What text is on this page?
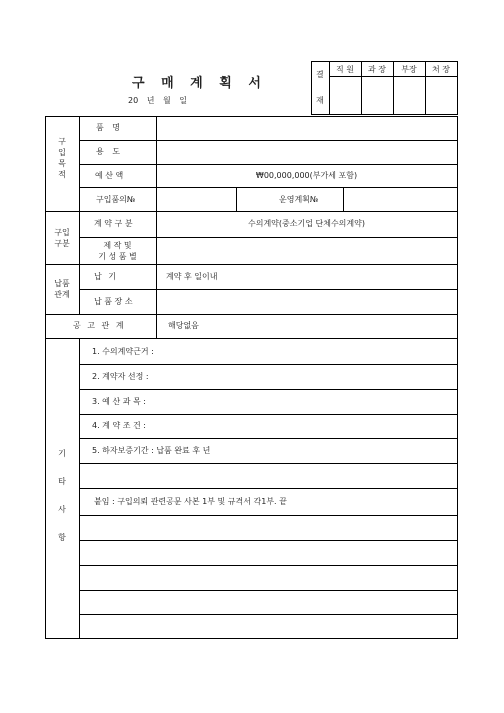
구 매 계 획 서
20 년 월 일
결
재
직 원	과 장	부장	처 장
구
입
목
적
품 명
용 도
예 산 액	₩00,000,000(부가세 포함)
구입품의№	운영계획№
구입
구분
계 약 구 분	수의계약(중소기업 단체수의계약)
제 작 및
기 성 품 별
납품
관계
납 기	계약 후 일이내
납 품 장 소
공 고 관 계	해당없음
기
타
사
항
1. 수의계약근거 :
2. 계약자 선정 :
3. 예 산 과 목 :
4. 계 약 조 건 :
5. 하자보증기간 : 납품 완료 후 년
붙임 : 구입의뢰 관련공문 사본 1부 및 규격서 각1부. 끝
